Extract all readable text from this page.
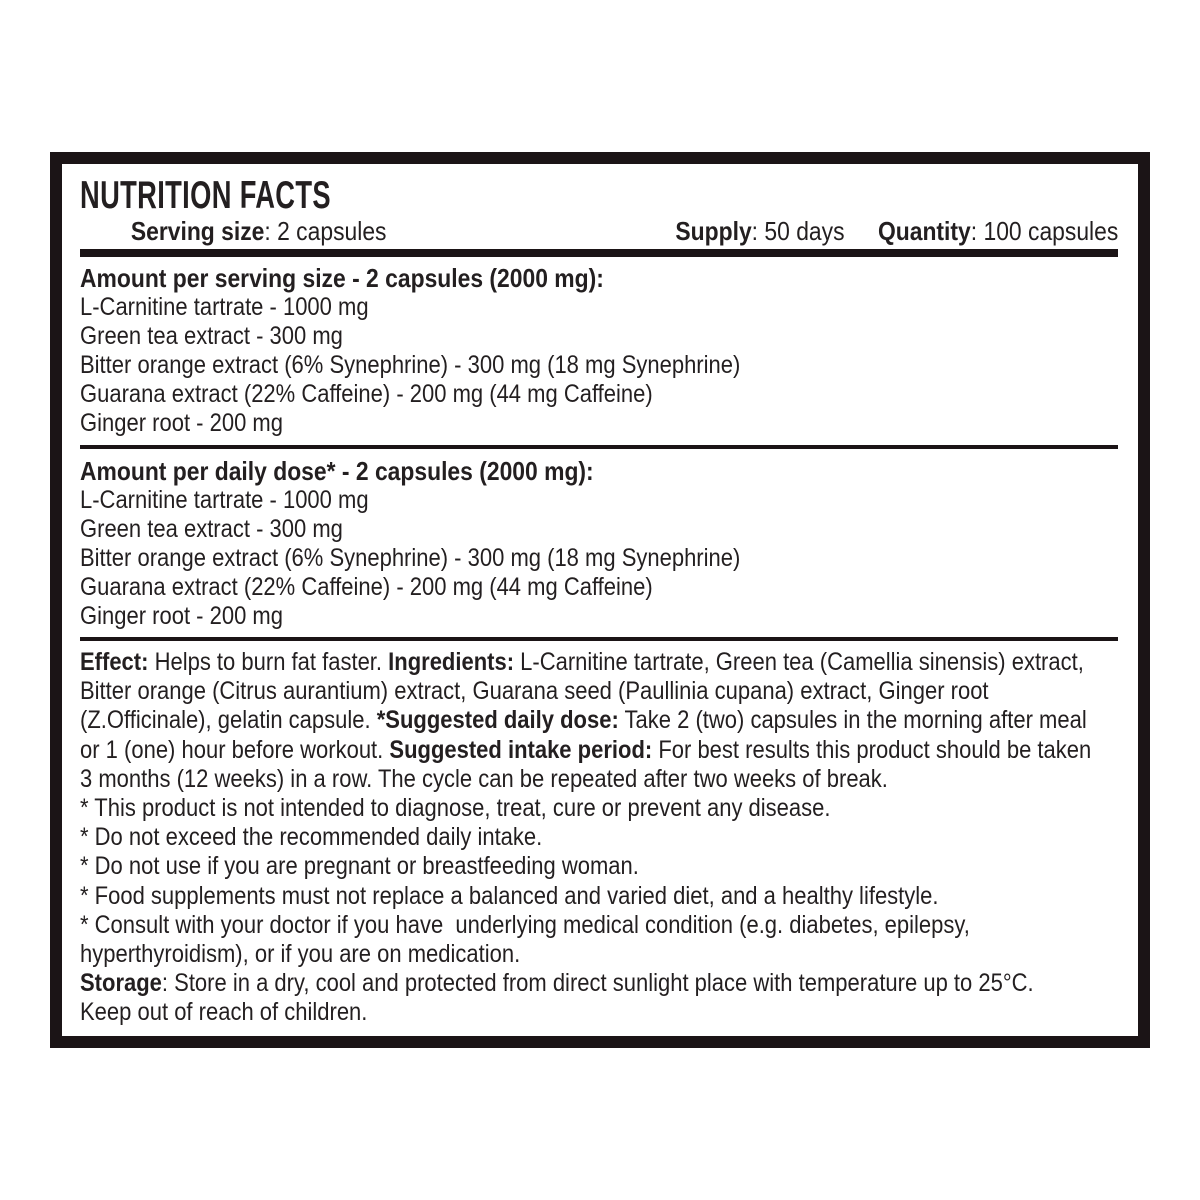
NUTRITION FACTS

Serving size: 2 capsules
	Supply: 50 days Quantity: 100 capsules
Amount per serving size - 2 capsules (2000 mg):
L-Carnitine tartrate - 1000 mg
Green tea extract - 300 mg
Bitter orange extract (6% Synephrine) - 300 mg (18 mg Synephrine)
Guarana extract (22% Caffeine) - 200 mg (44 mg Caffeine)
Ginger root - 200 mg
Amount per daily dose* - 2 capsules (2000 mg):
L-Carnitine tartrate - 1000 mg
Green tea extract - 300 mg
Bitter orange extract (6% Synephrine) - 300 mg (18 mg Synephrine)
Guarana extract (22% Caffeine) - 200 mg (44 mg Caffeine)
Ginger root - 200 mg
Effect: Helps to burn fat faster. Ingredients: L-Carnitine tartrate, Green tea (Camellia sinensis) extract,
Bitter orange (Citrus aurantium) extract, Guarana seed (Paullinia cupana) extract, Ginger root
(Z.Officinale), gelatin capsule. *Suggested daily dose: Take 2 (two) capsules in the morning after meal
or 1 (one) hour before workout. Suggested intake period: For best results this product should be taken
3 months (12 weeks) in a row. The cycle can be repeated after two weeks of break.
* This product is not intended to diagnose, treat, cure or prevent any disease.
* Do not exceed the recommended daily intake.
* Do not use if you are pregnant or breastfeeding woman.
* Food supplements must not replace a balanced and varied diet, and a healthy lifestyle.
* Consult with your doctor if you have  underlying medical condition (e.g. diabetes, epilepsy,
hyperthyroidism), or if you are on medication.
Storage: Store in a dry, cool and protected from direct sunlight place with temperature up to 25°C.
Keep out of reach of children.
